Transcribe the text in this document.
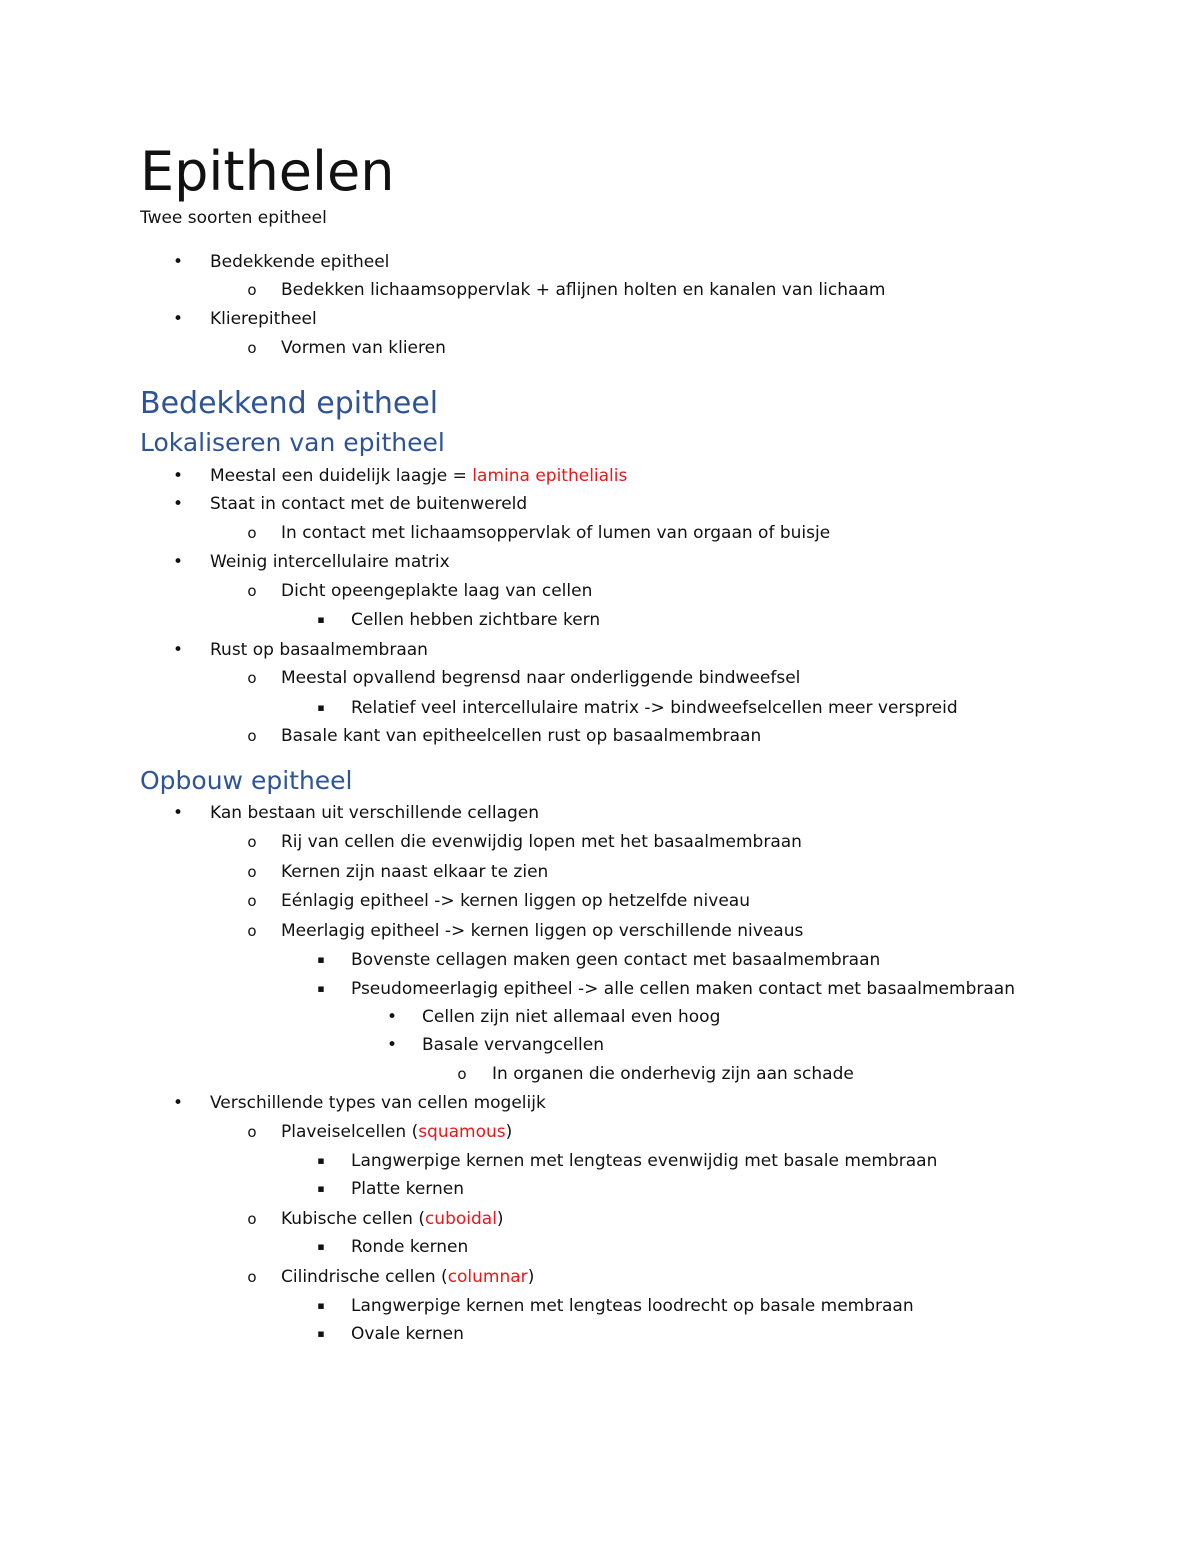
Epithelen
Twee soorten epitheel
• Bedekkende epitheel
o	Bedekken lichaamsoppervlak + aflijnen holten en kanalen van lichaam
• Klierepitheel
o	Vormen van klieren
Bedekkend epitheel
Lokaliseren van epitheel
• Meestal een duidelijk laagje = lamina epithelialis
• Staat in contact met de buitenwereld
o	In contact met lichaamsoppervlak of lumen van orgaan of buisje
• Weinig intercellulaire matrix
o	Dicht opeengeplakte laag van cellen
▪	Cellen hebben zichtbare kern
• Rust op basaalmembraan
o	Meestal opvallend begrensd naar onderliggende bindweefsel
▪	Relatief veel intercellulaire matrix -> bindweefselcellen meer verspreid
o	Basale kant van epitheelcellen rust op basaalmembraan
Opbouw epitheel
• Kan bestaan uit verschillende cellagen
o	Rij van cellen die evenwijdig lopen met het basaalmembraan
o	Kernen zijn naast elkaar te zien
o	Eénlagig epitheel -> kernen liggen op hetzelfde niveau
o	Meerlagig epitheel -> kernen liggen op verschillende niveaus
▪	Bovenste cellagen maken geen contact met basaalmembraan
▪	Pseudomeerlagig epitheel -> alle cellen maken contact met basaalmembraan
• Cellen zijn niet allemaal even hoog
• Basale vervangcellen
o	In organen die onderhevig zijn aan schade
• Verschillende types van cellen mogelijk
o	Plaveiselcellen (squamous)
▪	Langwerpige kernen met lengteas evenwijdig met basale membraan
▪	Platte kernen
o	Kubische cellen (cuboidal)
▪	Ronde kernen
o	Cilindrische cellen (columnar)
▪	Langwerpige kernen met lengteas loodrecht op basale membraan
▪	Ovale kernen
